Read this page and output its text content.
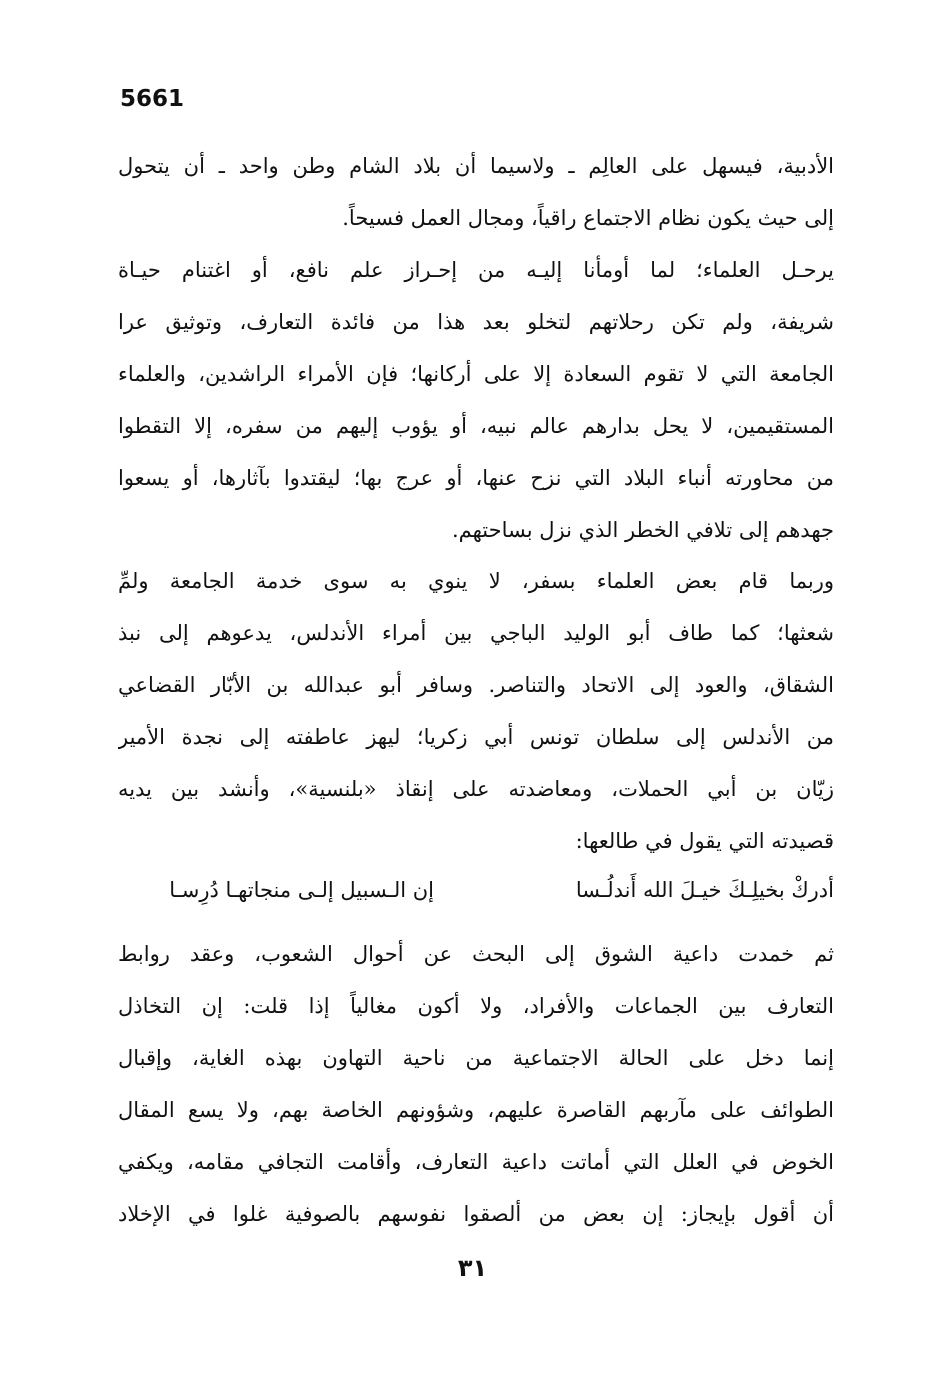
5661
الأدبية، فيسهل على العالِم ـ ولاسيما أن بلاد الشام وطن واحد ـ أن يتحول
إلى حيث يكون نظام الاجتماع راقياً، ومجال العمل فسيحاً.
يرحـل العلماء؛ لما أومأنا إليـه من إحـراز علم نافع، أو اغتنام حيـاة
شريفة، ولم تكن رحلاتهم لتخلو بعد هذا من فائدة التعارف، وتوثيق عرا
الجامعة التي لا تقوم السعادة إلا على أركانها؛ فإن الأمراء الراشدين، والعلماء
المستقيمين، لا يحل بدارهم عالم نبيه، أو يؤوب إليهم من سفره، إلا التقطوا
من محاورته أنباء البلاد التي نزح عنها، أو عرج بها؛ ليقتدوا بآثارها، أو يسعوا
جهدهم إلى تلافي الخطر الذي نزل بساحتهم.
وربما قام بعض العلماء بسفر، لا ينوي به سوى خدمة الجامعة ولمِّ
شعثها؛ كما طاف أبو الوليد الباجي بين أمراء الأندلس، يدعوهم إلى نبذ
الشقاق، والعود إلى الاتحاد والتناصر. وسافر أبو عبدالله بن الأبّار القضاعي
من الأندلس إلى سلطان تونس أبي زكريا؛ ليهز عاطفته إلى نجدة الأمير
زيّان بن أبي الحملات، ومعاضدته على إنقاذ «بلنسية»، وأنشد بين يديه
قصيدته التي يقول في طالعها:
أدركْ بخيلِـكَ خيـلَ الله أَندلُـسا
إن الـسبيل إلـى منجاتهـا دُرِسـا
ثم خمدت داعية الشوق إلى البحث عن أحوال الشعوب، وعقد روابط
التعارف بين الجماعات والأفراد، ولا أكون مغالياً إذا قلت: إن التخاذل
إنما دخل على الحالة الاجتماعية من ناحية التهاون بهذه الغاية، وإقبال
الطوائف على مآربهم القاصرة عليهم، وشؤونهم الخاصة بهم، ولا يسع المقال
الخوض في العلل التي أماتت داعية التعارف، وأقامت التجافي مقامه، ويكفي
أن أقول بإيجاز: إن بعض من ألصقوا نفوسهم بالصوفية غلوا في الإخلاد
٣١
